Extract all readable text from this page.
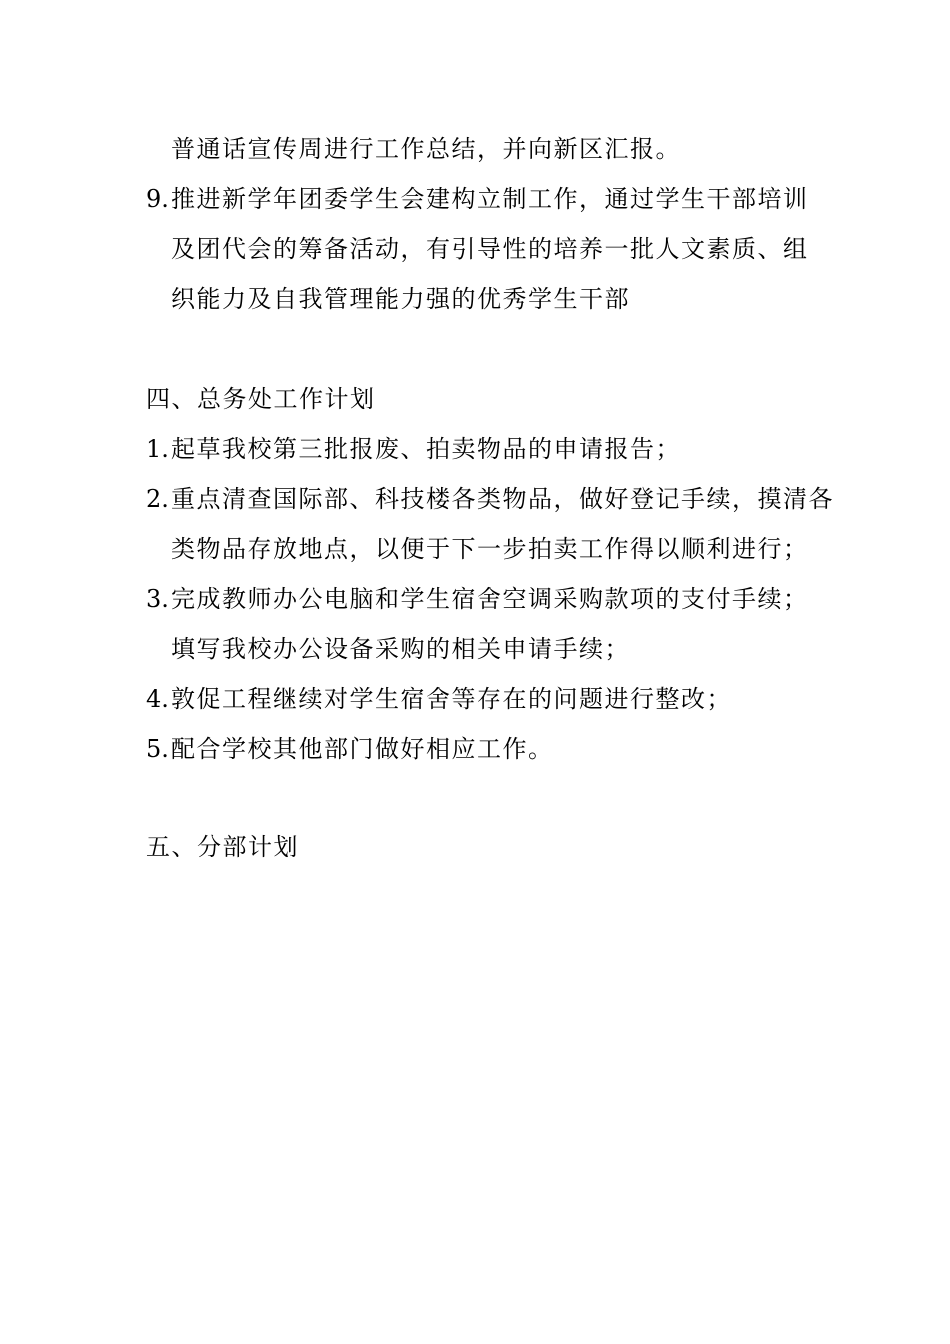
普通话宣传周进行工作总结，并向新区汇报。
9.推进新学年团委学生会建构立制工作，通过学生干部培训
及团代会的筹备活动，有引导性的培养一批人文素质、组
织能力及自我管理能力强的优秀学生干部
四、总务处工作计划
1.起草我校第三批报废、拍卖物品的申请报告；
2.重点清查国际部、科技楼各类物品，做好登记手续，摸清各
类物品存放地点，以便于下一步拍卖工作得以顺利进行；
3.完成教师办公电脑和学生宿舍空调采购款项的支付手续；
填写我校办公设备采购的相关申请手续；
4.敦促工程继续对学生宿舍等存在的问题进行整改；
5.配合学校其他部门做好相应工作。
五、分部计划
